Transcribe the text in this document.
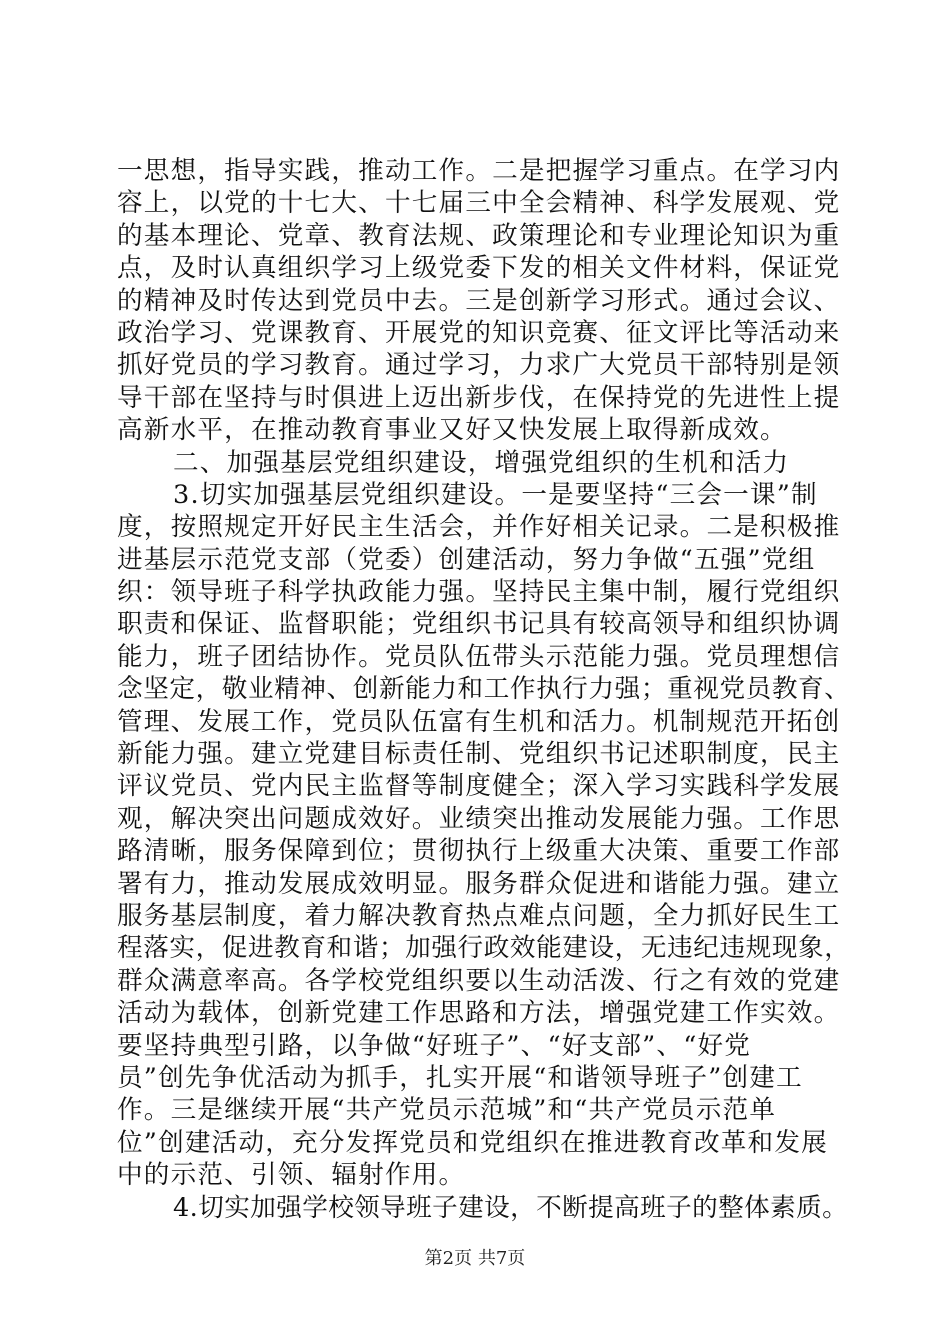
一思想，指导实践，推动工作。二是把握学习重点。在学习内
容上，以党的十七大、十七届三中全会精神、科学发展观、党
的基本理论、党章、教育法规、政策理论和专业理论知识为重
点，及时认真组织学习上级党委下发的相关文件材料，保证党
的精神及时传达到党员中去。三是创新学习形式。通过会议、
政治学习、党课教育、开展党的知识竞赛、征文评比等活动来
抓好党员的学习教育。通过学习，力求广大党员干部特别是领
导干部在坚持与时俱进上迈出新步伐，在保持党的先进性上提
高新水平，在推动教育事业又好又快发展上取得新成效。
二、加强基层党组织建设，增强党组织的生机和活力
3.切实加强基层党组织建设。一是要坚持“三会一课”制
度，按照规定开好民主生活会，并作好相关记录。二是积极推
进基层示范党支部（党委）创建活动，努力争做“五强”党组
织：领导班子科学执政能力强。坚持民主集中制，履行党组织
职责和保证、监督职能；党组织书记具有较高领导和组织协调
能力，班子团结协作。党员队伍带头示范能力强。党员理想信
念坚定，敬业精神、创新能力和工作执行力强；重视党员教育、
管理、发展工作，党员队伍富有生机和活力。机制规范开拓创
新能力强。建立党建目标责任制、党组织书记述职制度，民主
评议党员、党内民主监督等制度健全；深入学习实践科学发展
观，解决突出问题成效好。业绩突出推动发展能力强。工作思
路清晰，服务保障到位；贯彻执行上级重大决策、重要工作部
署有力，推动发展成效明显。服务群众促进和谐能力强。建立
服务基层制度，着力解决教育热点难点问题，全力抓好民生工
程落实，促进教育和谐；加强行政效能建设，无违纪违规现象，
群众满意率高。各学校党组织要以生动活泼、行之有效的党建
活动为载体，创新党建工作思路和方法，增强党建工作实效。
要坚持典型引路，以争做“好班子”、“好支部”、“好党
员”创先争优活动为抓手，扎实开展“和谐领导班子”创建工
作。三是继续开展“共产党员示范城”和“共产党员示范单
位”创建活动，充分发挥党员和党组织在推进教育改革和发展
中的示范、引领、辐射作用。
4.切实加强学校领导班子建设，不断提高班子的整体素质。
第2页 共7页
